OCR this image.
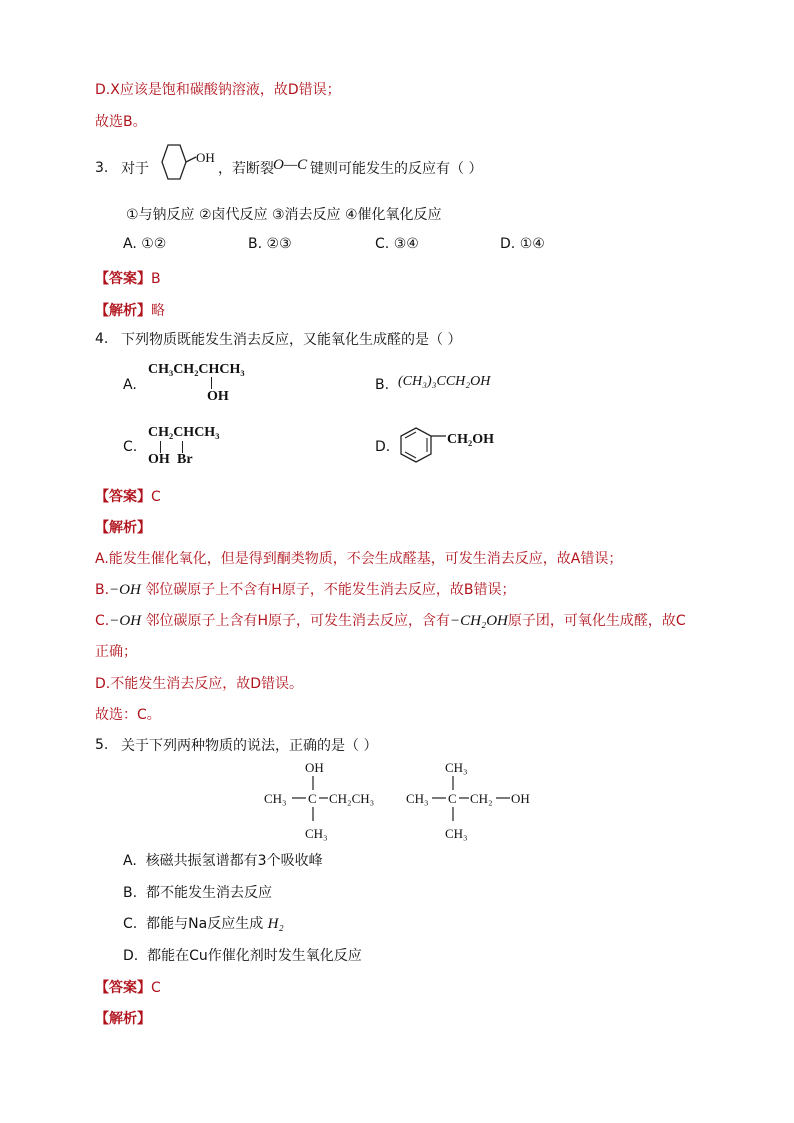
D.X应该是饱和碳酸钠溶液，故D错误；
故选B。
3. 对于
OH
，若断裂 O—C 键则可能发生的反应有（ ）
①与钠反应 ②卤代反应 ③消去反应 ④催化氧化反应
A. ①②	B. ②③	C. ③④	D. ①④
【答案】B
【解析】略
4. 下列物质既能发生消去反应，又能氧化生成醛的是（ ）
A.
CH₃CH₂CHCH₃
OH
B. (CH₃)₃CCH₂OH
C.
CH₂CHCH₃
OH Br
D.	CH₂OH
【答案】C
【解析】
A.能发生催化氧化，但是得到酮类物质，不会生成醛基，可发生消去反应，故A错误；
B.−OH 邻位碳原子上不含有H原子，不能发生消去反应，故B错误；
C.−OH 邻位碳原子上含有H原子，可发生消去反应，含有−CH₂OH原子团，可氧化生成醛，故C
正确；
D.不能发生消去反应，故D错误。
故选：C。
5. 关于下列两种物质的说法，正确的是（ ）
OH
CH₃ C CH₂CH₃
CH₃
CH₃
CH₃ C CH₂ OH
CH₃
A. 核磁共振氢谱都有3个吸收峰
B. 都不能发生消去反应
C. 都能与Na反应生成 H₂
D. 都能在Cu作催化剂时发生氧化反应
【答案】C
【解析】
